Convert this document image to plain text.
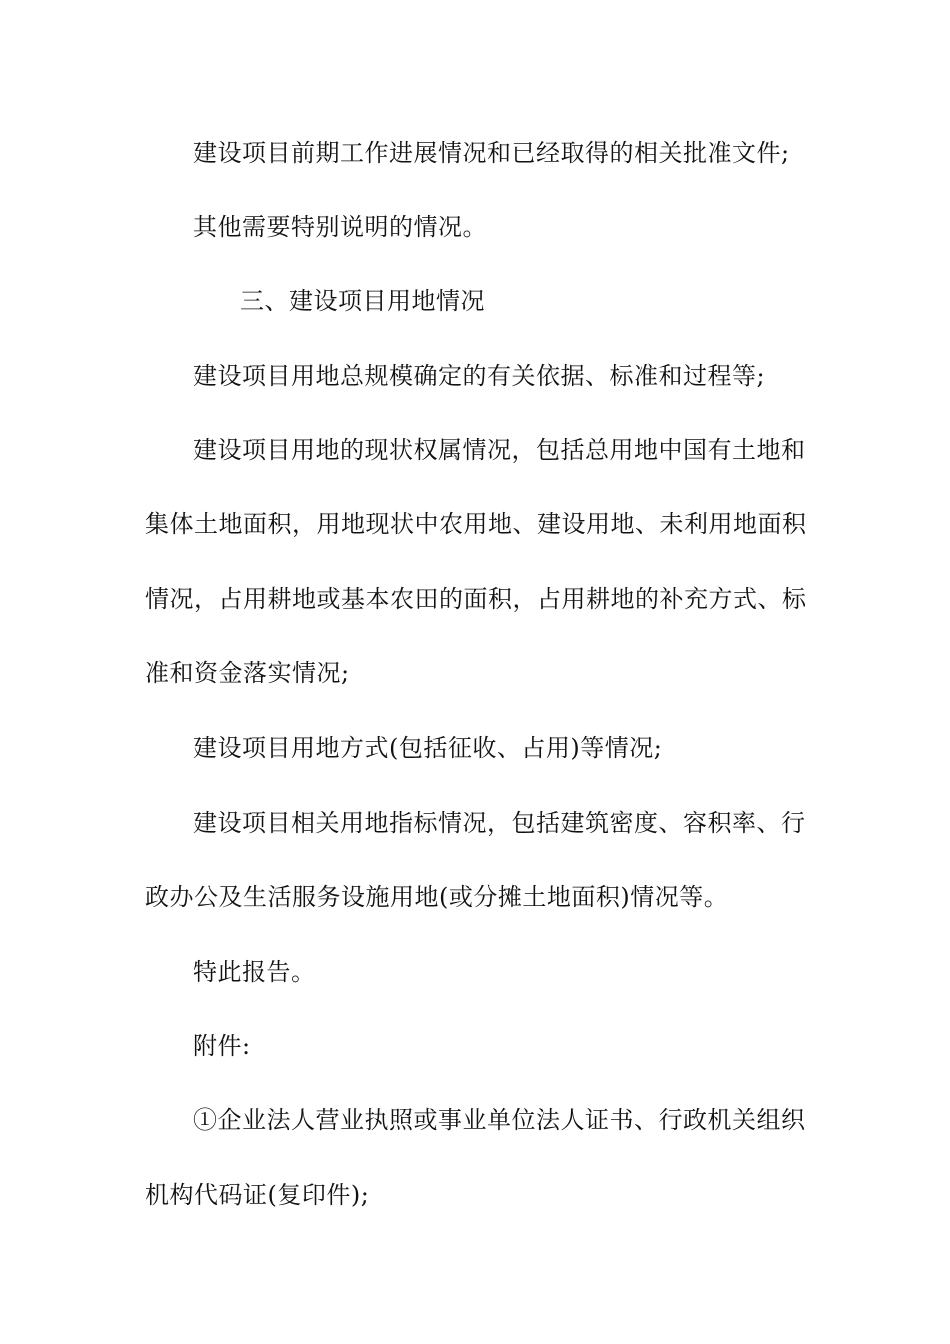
建设项目前期工作进展情况和已经取得的相关批准文件;
其他需要特别说明的情况。
三、建设项目用地情况
建设项目用地总规模确定的有关依据、标准和过程等;
建设项目用地的现状权属情况，包括总用地中国有土地和
集体土地面积，用地现状中农用地、建设用地、未利用地面积
情况，占用耕地或基本农田的面积，占用耕地的补充方式、标
准和资金落实情况;
建设项目用地方式(包括征收、占用)等情况;
建设项目相关用地指标情况，包括建筑密度、容积率、行
政办公及生活服务设施用地(或分摊土地面积)情况等。
特此报告。
附件:
①企业法人营业执照或事业单位法人证书、行政机关组织
机构代码证(复印件);
